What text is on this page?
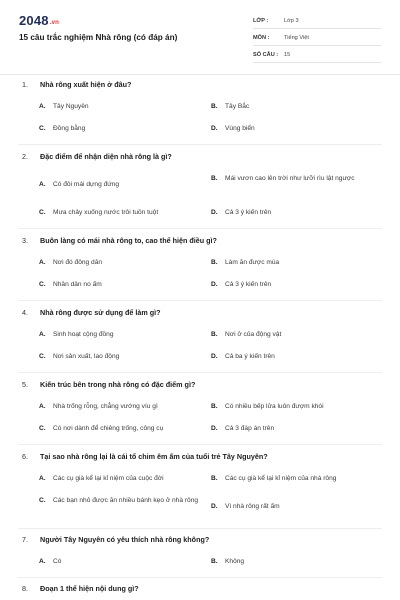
2048.vn
15 câu trắc nghiệm Nhà rông (có đáp án)
LỚP :	Lớp 3
MÔN :	Tiếng Việt
SỐ CÂU :	15
1.	Nhà rông xuất hiện ở đâu?
A.	Tây Nguyên	B.	Tây Bắc
C.	Đồng bằng	D.	Vùng biển
2.	Đặc điểm để nhận diện nhà rông là gì?
A.	Có đôi mái dựng đứng
B.	Mái vươn cao lên trời như lưỡi rìu lật ngược
C.	Mưa chảy xuống nước trôi tuồn tuột	D.	Cả 3 ý kiến trên
3.	Buôn làng có mái nhà rông to, cao thể hiện điều gì?
A.	Nơi đó đông dân	B.	Làm ăn được mùa
C.	Nhân dân no ấm	D.	Cả 3 ý kiến trên
4.	Nhà rông được sử dụng để làm gì?
A.	Sinh hoạt cộng đồng	B.	Nơi ở của động vật
C.	Nơi sản xuất, lao động	D.	Cả ba ý kiến trên
5.	Kiến trúc bên trong nhà rông có đặc điểm gì?
A.	Nhà trống rỗng, chẳng vướng víu gì	B.	Có nhiều bếp lửa luôn đượm khói
C.	Có nơi dành để chiêng trống, công cụ	D.	Cả 3 đáp án trên
6.	Tại sao nhà rông lại là cái tổ chim êm ấm của tuổi trẻ Tây Nguyên?
A.	Các cụ già kể lại kỉ niệm của cuộc đời	B.	Các cụ già kể lại kỉ niệm của nhà rông
C.	Các bạn nhỏ được ăn nhiều bánh kẹo ở nhà rông
D.	Vì nhà rông rất ấm
7.	Người Tây Nguyên có yêu thích nhà rông không?
A.	Có	B.	Không
8.	Đoạn 1 thể hiện nội dung gì?
